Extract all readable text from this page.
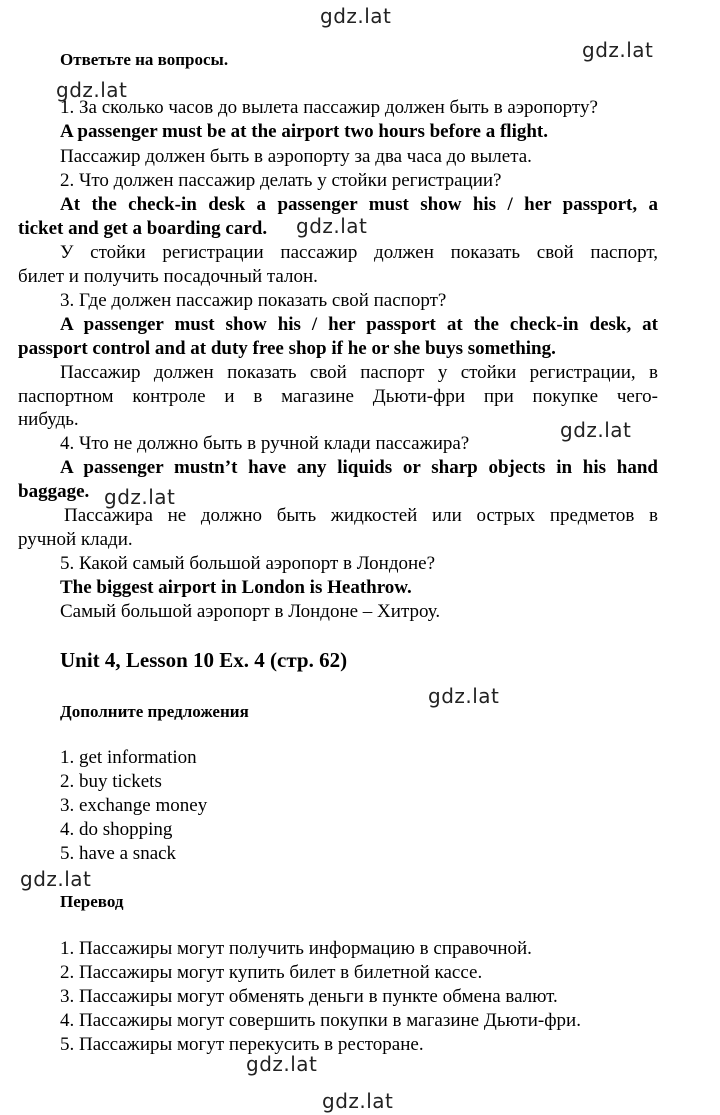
Ответьте на вопросы.
1. За сколько часов до вылета пассажир должен быть в аэропорту?
A passenger must be at the airport two hours before a flight.
Пассажир должен быть в аэропорту за два часа до вылета.
2. Что должен пассажир делать у стойки регистрации?
At the check-in desk a passenger must show his / her passport, a
ticket and get a boarding card.
У стойки регистрации пассажир должен показать свой паспорт,
билет и получить посадочный талон.
3. Где должен пассажир показать свой паспорт?
A passenger must show his / her passport at the check-in desk, at
passport control and at duty free shop if he or she buys something.
Пассажир должен показать свой паспорт у стойки регистрации, в
паспортном контроле и в магазине Дьюти-фри при покупке чего-
нибудь.
4. Что не должно быть в ручной клади пассажира?
A passenger mustn’t have any liquids or sharp objects in his hand
baggage.
Пассажира не должно быть жидкостей или острых предметов в
ручной клади.
5. Какой самый большой аэропорт в Лондоне?
The biggest airport in London is Heathrow.
Самый большой аэропорт в Лондоне – Хитроу.
Unit 4, Lesson 10 Ex. 4 (стр. 62)
Дополните предложения
1. get information
2. buy tickets
3. exchange money
4. do shopping
5. have a snack
Перевод
1. Пассажиры могут получить информацию в справочной.
2. Пассажиры могут купить билет в билетной кассе.
3. Пассажиры могут обменять деньги в пункте обмена валют.
4. Пассажиры могут совершить покупки в магазине Дьюти-фри.
5. Пассажиры могут перекусить в ресторане.
gdz.lat
gdz.lat
gdz.lat
gdz.lat
gdz.lat
gdz.lat
gdz.lat
gdz.lat
gdz.lat
gdz.lat
